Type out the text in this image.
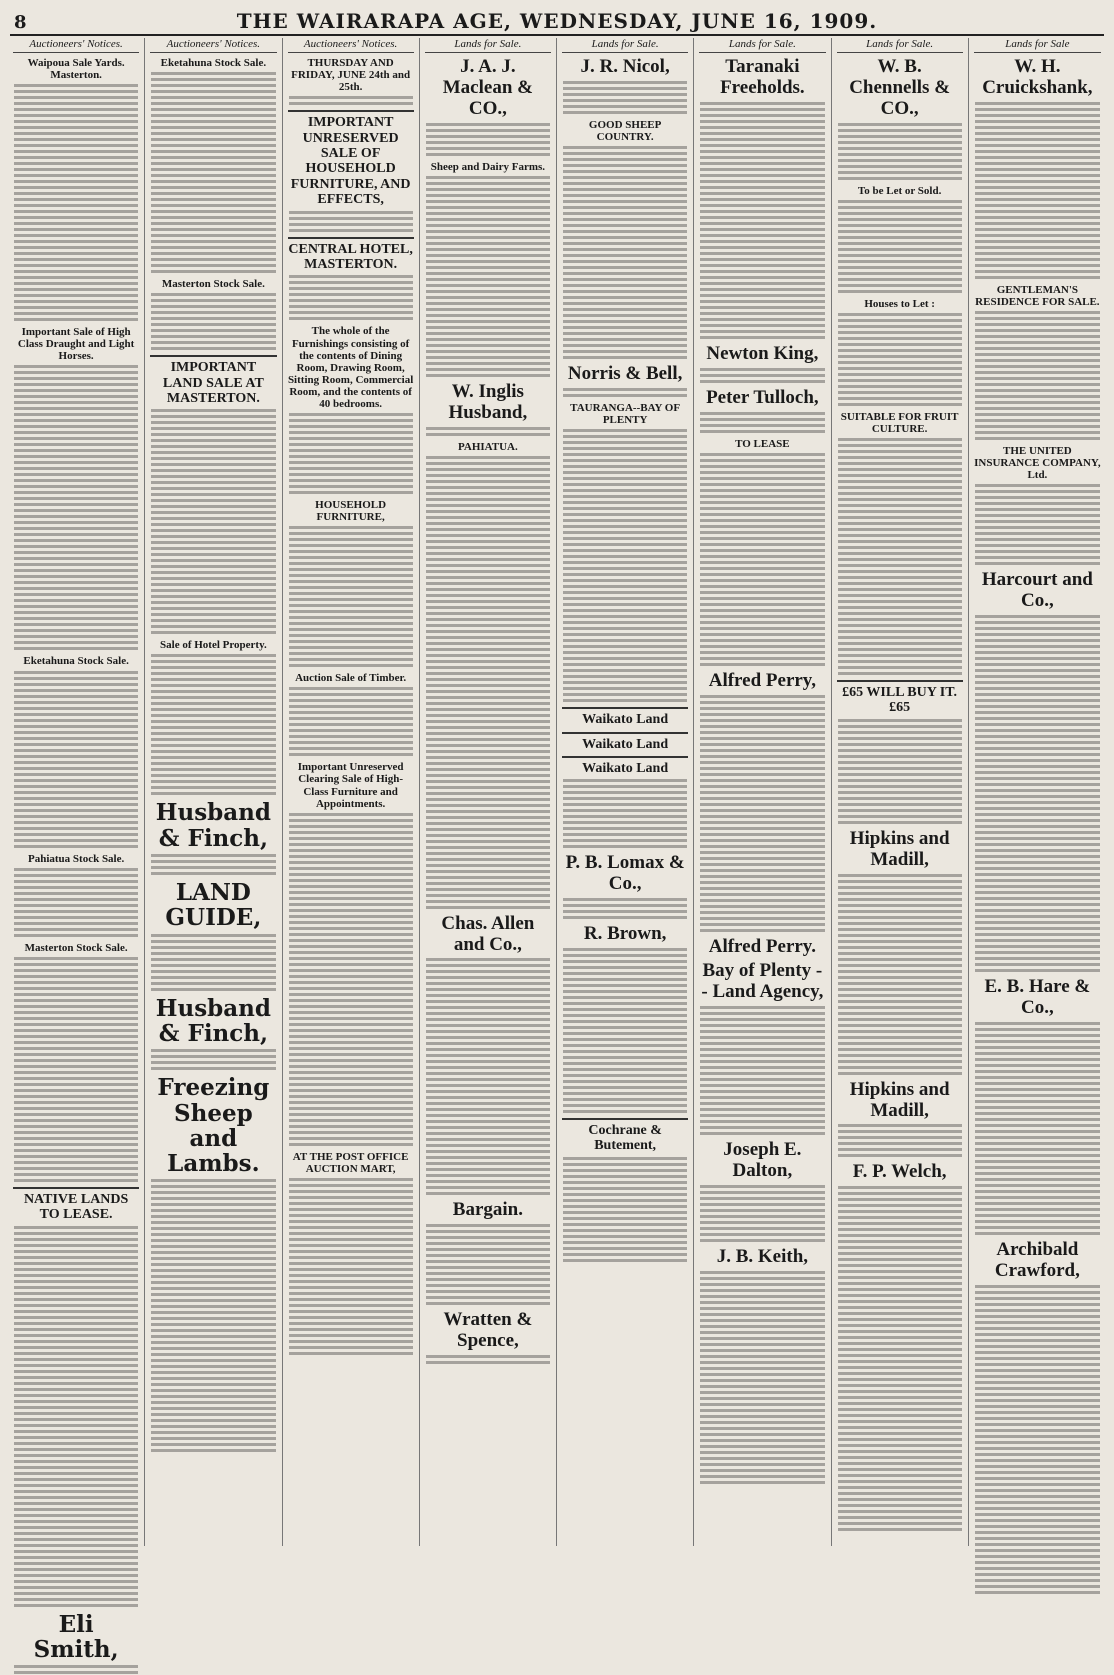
8	THE WAIRARAPA AGE, WEDNESDAY, JUNE 16, 1909.
Auctioneers' Notices.
Waipoua Sale Yards. Masterton.
Important Sale of High Class Draught and Light Horses.
Eketahuna Stock Sale.
Pahiatua Stock Sale.
Masterton Stock Sale.
NATIVE LANDS TO LEASE.
Eli Smith,
Auctioneers' Notices.
Eketahuna Stock Sale.
Masterton Stock Sale.
IMPORTANT LAND SALE AT MASTERTON.
Sale of Hotel Property.
Husband & Finch,
LAND GUIDE,
Husband & Finch,
Freezing Sheep and Lambs.
Auctioneers' Notices.
THURSDAY AND FRIDAY, JUNE 24th and 25th.
IMPORTANT UNRESERVED SALE OF HOUSEHOLD FURNITURE, AND EFFECTS,
CENTRAL HOTEL, MASTERTON.
The whole of the Furnishings consisting of the contents of Dining Room, Drawing Room, Sitting Room, Commercial Room, and the contents of 40 bedrooms.
HOUSEHOLD FURNITURE,
Auction Sale of Timber.
Important Unreserved Clearing Sale of High-Class Furniture and Appointments.
AT THE POST OFFICE AUCTION MART,
Lands for Sale.
J. A. J. Maclean & CO.,
Sheep and Dairy Farms.
W. Inglis Husband,
PAHIATUA.
Chas. Allen and Co.,
Bargain.
Wratten & Spence,
Lands for Sale.
J. R. Nicol,
GOOD SHEEP COUNTRY.
Norris & Bell,
TAURANGA--BAY OF PLENTY
Waikato Land
Waikato Land
Waikato Land
P. B. Lomax & Co.,
R. Brown,
Cochrane & Butement,
Lands for Sale.
Taranaki Freeholds.
Newton King,
Peter Tulloch,
TO LEASE
Alfred Perry,
Alfred Perry.
Bay of Plenty - - Land Agency,
Joseph E. Dalton,
J. B. Keith,
Lands for Sale.
W. B. Chennells & CO.,
To be Let or Sold.
Houses to Let :
SUITABLE FOR FRUIT CULTURE.
£65 WILL BUY IT. £65
Hipkins and Madill,
Hipkins and Madill,
F. P. Welch,
Lands for Sale
W. H. Cruickshank,
GENTLEMAN'S RESIDENCE FOR SALE.
THE UNITED INSURANCE COMPANY, Ltd.
Harcourt and Co.,
E. B. Hare & Co.,
Archibald Crawford,
